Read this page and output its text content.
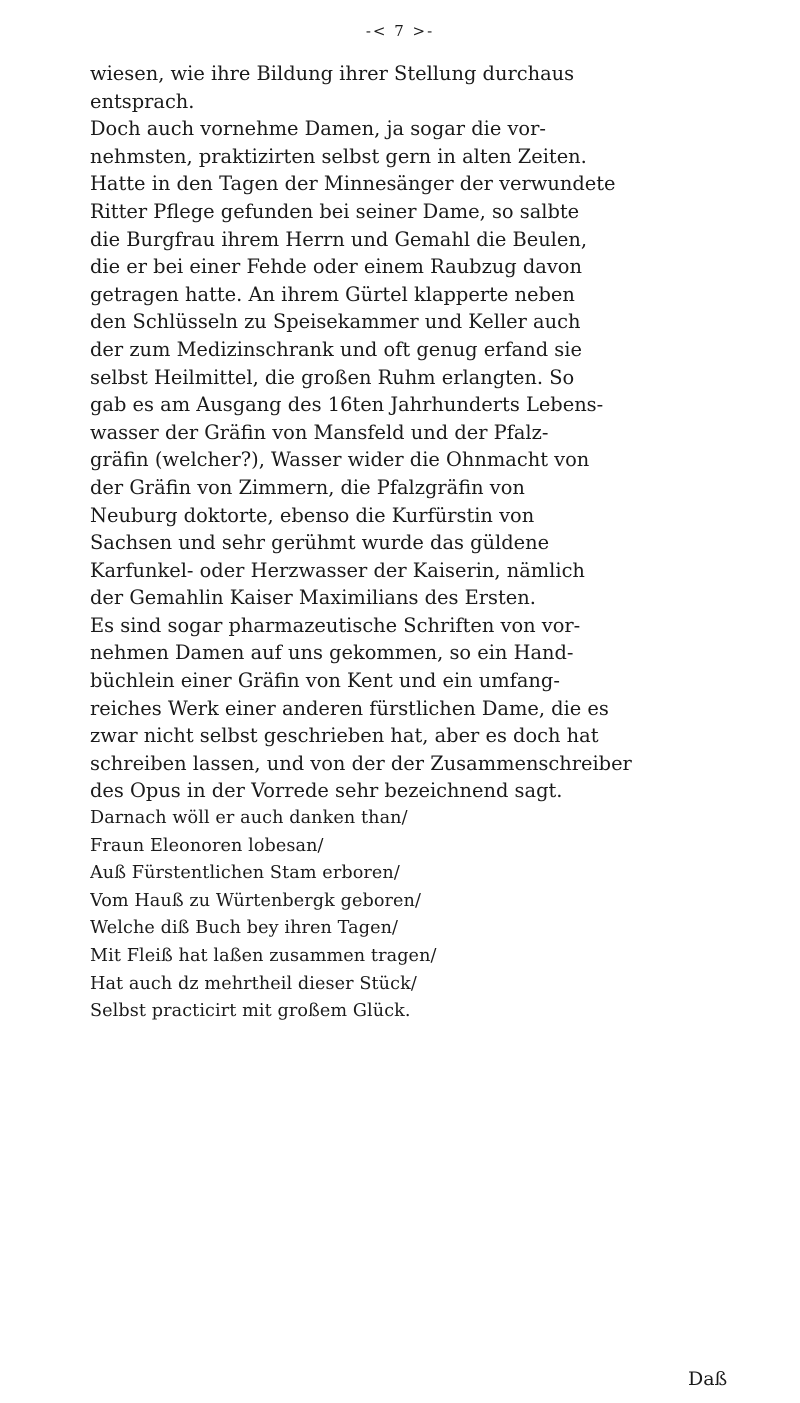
-< 7 >-
wiesen, wie ihre Bildung ihrer Stellung durchaus
entsprach.
Doch auch vornehme Damen, ja sogar die vor-
nehmsten, praktizirten selbst gern in alten Zeiten.
Hatte in den Tagen der Minnesänger der verwundete
Ritter Pflege gefunden bei seiner Dame, so salbte
die Burgfrau ihrem Herrn und Gemahl die Beulen,
die er bei einer Fehde oder einem Raubzug davon
getragen hatte. An ihrem Gürtel klapperte neben
den Schlüsseln zu Speisekammer und Keller auch
der zum Medizinschrank und oft genug erfand sie
selbst Heilmittel, die großen Ruhm erlangten. So
gab es am Ausgang des 16ten Jahrhunderts Lebens-
wasser der Gräfin von Mansfeld und der Pfalz-
gräfin (welcher?), Wasser wider die Ohnmacht von
der Gräfin von Zimmern, die Pfalzgräfin von
Neuburg doktorte, ebenso die Kurfürstin von
Sachsen und sehr gerühmt wurde das güldene
Karfunkel- oder Herzwasser der Kaiserin, nämlich
der Gemahlin Kaiser Maximilians des Ersten.
Es sind sogar pharmazeutische Schriften von vor-
nehmen Damen auf uns gekommen, so ein Hand-
büchlein einer Gräfin von Kent und ein umfang-
reiches Werk einer anderen fürstlichen Dame, die es
zwar nicht selbst geschrieben hat, aber es doch hat
schreiben lassen, und von der der Zusammenschreiber
des Opus in der Vorrede sehr bezeichnend sagt.
Darnach wöll er auch danken than/
Fraun Eleonoren lobesan/
Auß Fürstentlichen Stam erboren/
Vom Hauß zu Würtenbergk geboren/
Welche diß Buch bey ihren Tagen/
Mit Fleiß hat laßen zusammen tragen/
Hat auch dz mehrtheil dieser Stück/
Selbst practicirt mit großem Glück.
Daß
